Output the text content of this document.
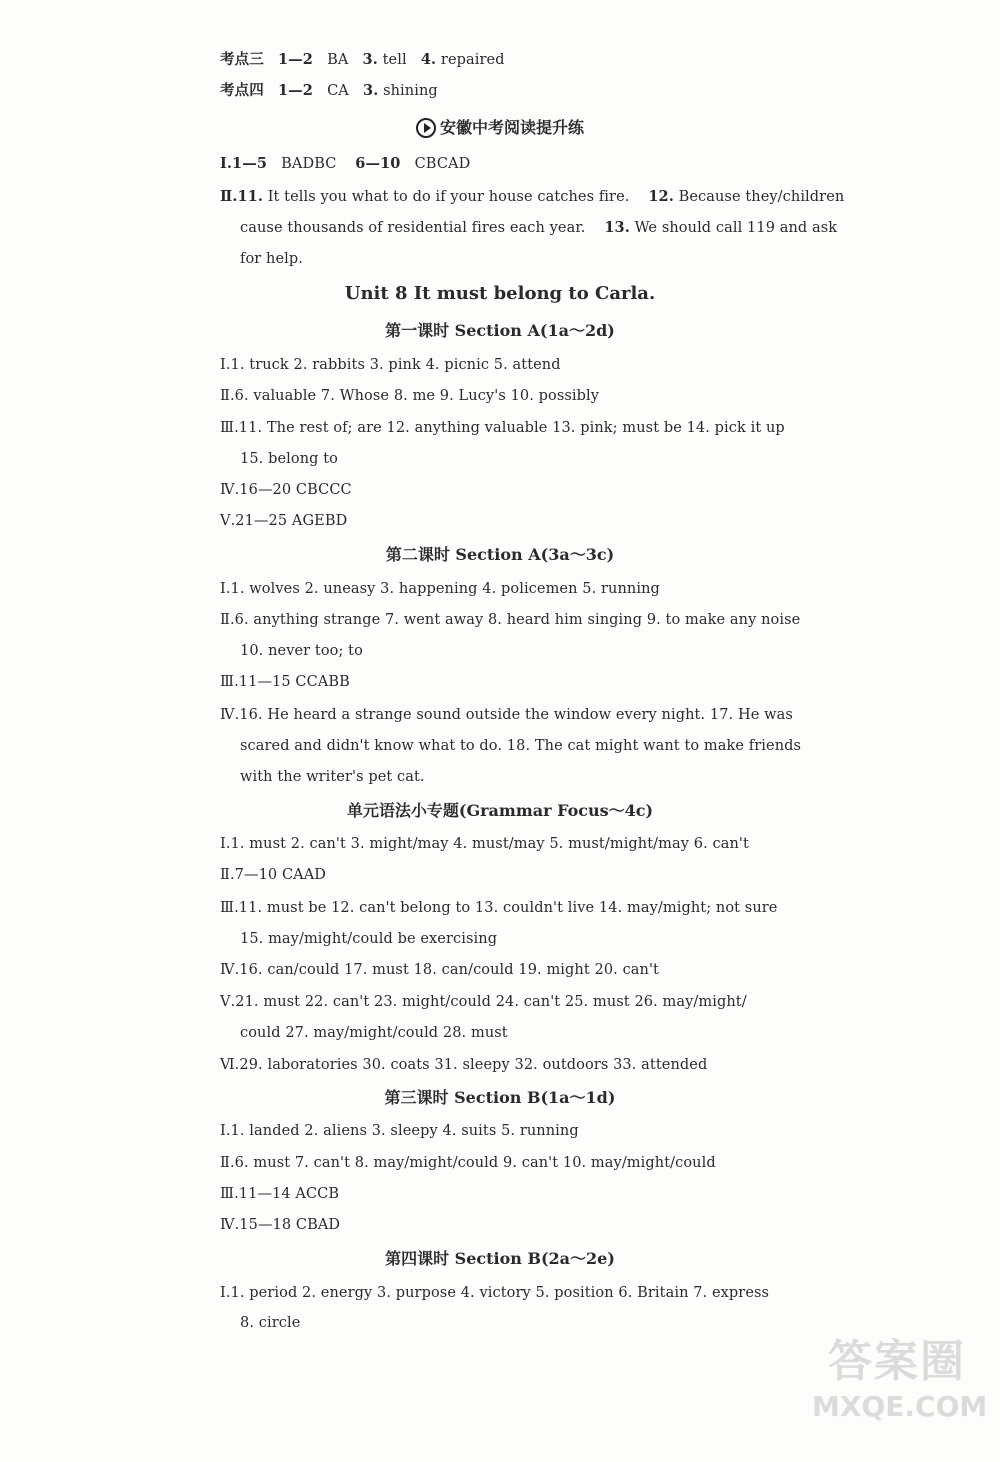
考点三 1—2 BA 3. tell 4. repaired
考点四 1—2 CA 3. shining
安徽中考阅读提升练
Ⅰ.1—5 BADBC 6—10 CBCAD
Ⅱ.11. It tells you what to do if your house catches fire. 12. Because they/children
cause thousands of residential fires each year. 13. We should call 119 and ask
for help.
Unit 8 It must belong to Carla.
第一课时 Section A(1a～2d)
Ⅰ.1. truck 2. rabbits 3. pink 4. picnic 5. attend
Ⅱ.6. valuable 7. Whose 8. me 9. Lucy's 10. possibly
Ⅲ.11. The rest of; are 12. anything valuable 13. pink; must be 14. pick it up
15. belong to
Ⅳ.16—20 CBCCC
Ⅴ.21—25 AGEBD
第二课时 Section A(3a～3c)
Ⅰ.1. wolves 2. uneasy 3. happening 4. policemen 5. running
Ⅱ.6. anything strange 7. went away 8. heard him singing 9. to make any noise
10. never too; to
Ⅲ.11—15 CCABB
Ⅳ.16. He heard a strange sound outside the window every night. 17. He was
scared and didn't know what to do. 18. The cat might want to make friends
with the writer's pet cat.
单元语法小专题(Grammar Focus～4c)
Ⅰ.1. must 2. can't 3. might/may 4. must/may 5. must/might/may 6. can't
Ⅱ.7—10 CAAD
Ⅲ.11. must be 12. can't belong to 13. couldn't live 14. may/might; not sure
15. may/might/could be exercising
Ⅳ.16. can/could 17. must 18. can/could 19. might 20. can't
Ⅴ.21. must 22. can't 23. might/could 24. can't 25. must 26. may/might/
could 27. may/might/could 28. must
Ⅵ.29. laboratories 30. coats 31. sleepy 32. outdoors 33. attended
第三课时 Section B(1a～1d)
Ⅰ.1. landed 2. aliens 3. sleepy 4. suits 5. running
Ⅱ.6. must 7. can't 8. may/might/could 9. can't 10. may/might/could
Ⅲ.11—14 ACCB
Ⅳ.15—18 CBAD
第四课时 Section B(2a～2e)
Ⅰ.1. period 2. energy 3. purpose 4. victory 5. position 6. Britain 7. express
8. circle
答案圈
MXQE.COM
